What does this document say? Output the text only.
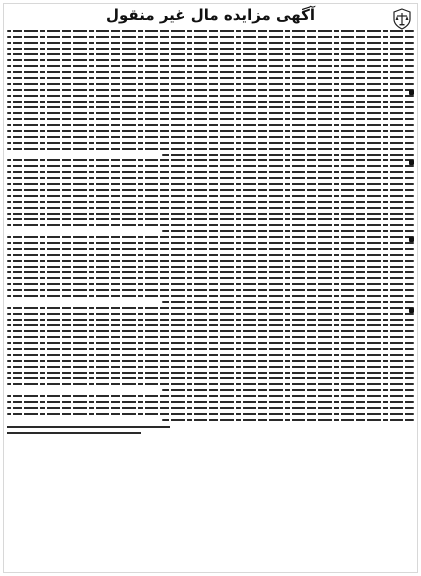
آگهی مزایده مال غیر منقول
